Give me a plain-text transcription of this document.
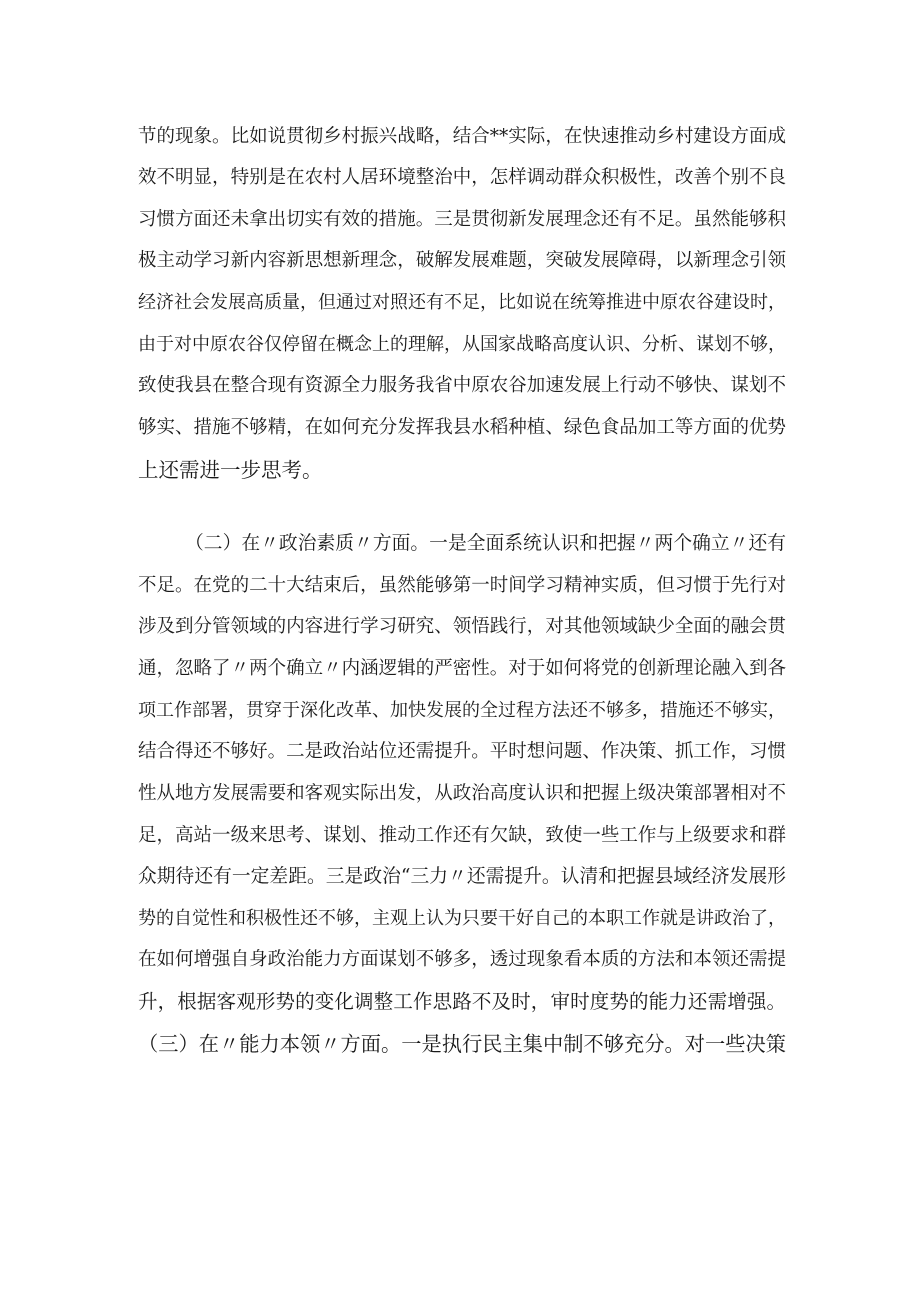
节的现象。比如说贯彻乡村振兴战略，结合**实际，在快速推动乡村建设方面成
效不明显，特别是在农村人居环境整治中，怎样调动群众积极性，改善个别不良
习惯方面还未拿出切实有效的措施。三是贯彻新发展理念还有不足。虽然能够积
极主动学习新内容新思想新理念，破解发展难题，突破发展障碍，以新理念引领
经济社会发展高质量，但通过对照还有不足，比如说在统筹推进中原农谷建设时，
由于对中原农谷仅停留在概念上的理解，从国家战略高度认识、分析、谋划不够，
致使我县在整合现有资源全力服务我省中原农谷加速发展上行动不够快、谋划不
够实、措施不够精，在如何充分发挥我县水稻种植、绿色食品加工等方面的优势
上还需进一步思考。
（二）在〃政治素质〃方面。一是全面系统认识和把握〃两个确立〃还有
不足。在党的二十大结束后，虽然能够第一时间学习精神实质，但习惯于先行对
涉及到分管领域的内容进行学习研究、领悟践行，对其他领域缺少全面的融会贯
通，忽略了〃两个确立〃内涵逻辑的严密性。对于如何将党的创新理论融入到各
项工作部署，贯穿于深化改革、加快发展的全过程方法还不够多，措施还不够实，
结合得还不够好。二是政治站位还需提升。平时想问题、作决策、抓工作，习惯
性从地方发展需要和客观实际出发，从政治高度认识和把握上级决策部署相对不
足，高站一级来思考、谋划、推动工作还有欠缺，致使一些工作与上级要求和群
众期待还有一定差距。三是政治“三力〃还需提升。认清和把握县域经济发展形
势的自觉性和积极性还不够，主观上认为只要干好自己的本职工作就是讲政治了，
在如何增强自身政治能力方面谋划不够多，透过现象看本质的方法和本领还需提
升，根据客观形势的变化调整工作思路不及时，审时度势的能力还需增强。
（三）在〃能力本领〃方面。一是执行民主集中制不够充分。对一些决策
